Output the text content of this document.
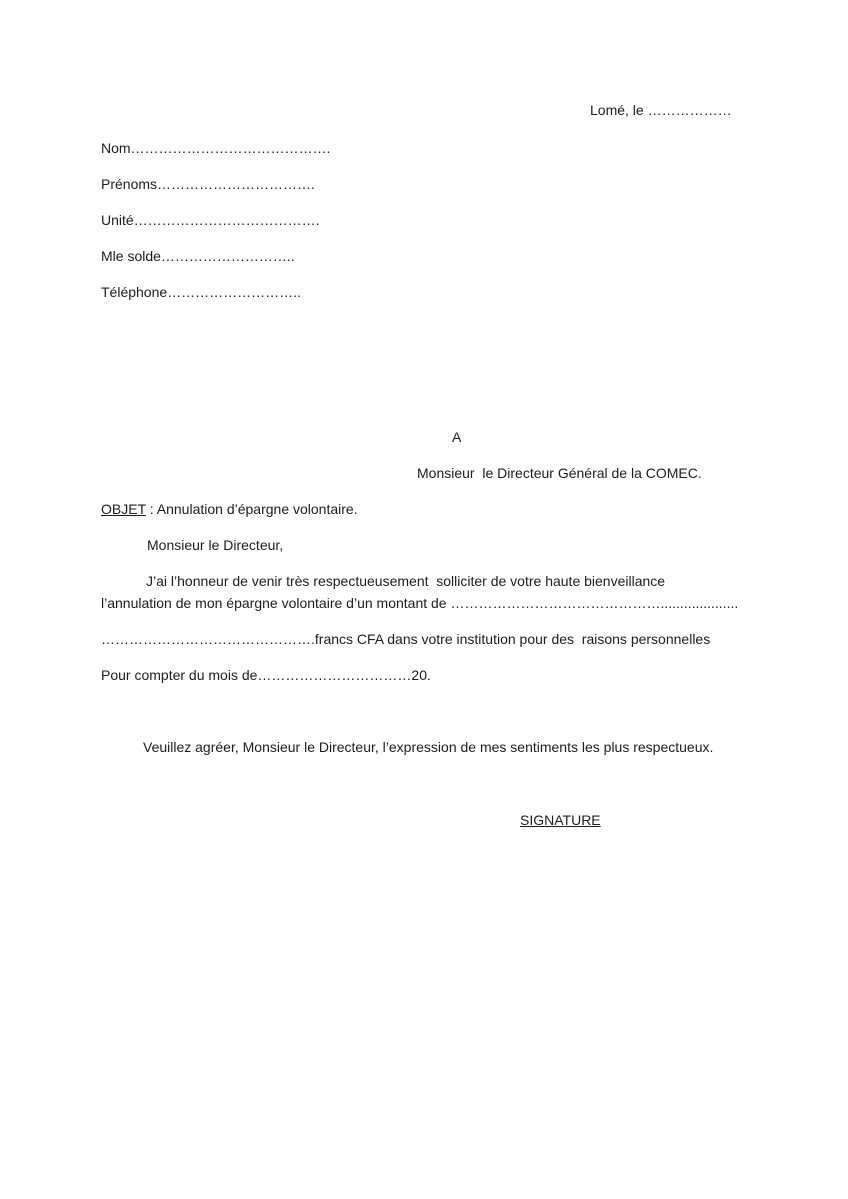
Lomé, le ………………
Nom…………………………………….
Prénoms…………………………….
Unité………………………………….
Mle solde………………………..
Téléphone………………………..
A
Monsieur  le Directeur Général de la COMEC.
OBJET : Annulation d’épargne volontaire.
Monsieur le Directeur,
J’ai l’honneur de venir très respectueusement  solliciter de votre haute bienveillance
l’annulation de mon épargne volontaire d’un montant de ………………………………………....................
……………………………………….francs CFA dans votre institution pour des  raisons personnelles
Pour compter du mois de……………………………20.
Veuillez agréer, Monsieur le Directeur, l’expression de mes sentiments les plus respectueux.
SIGNATURE
